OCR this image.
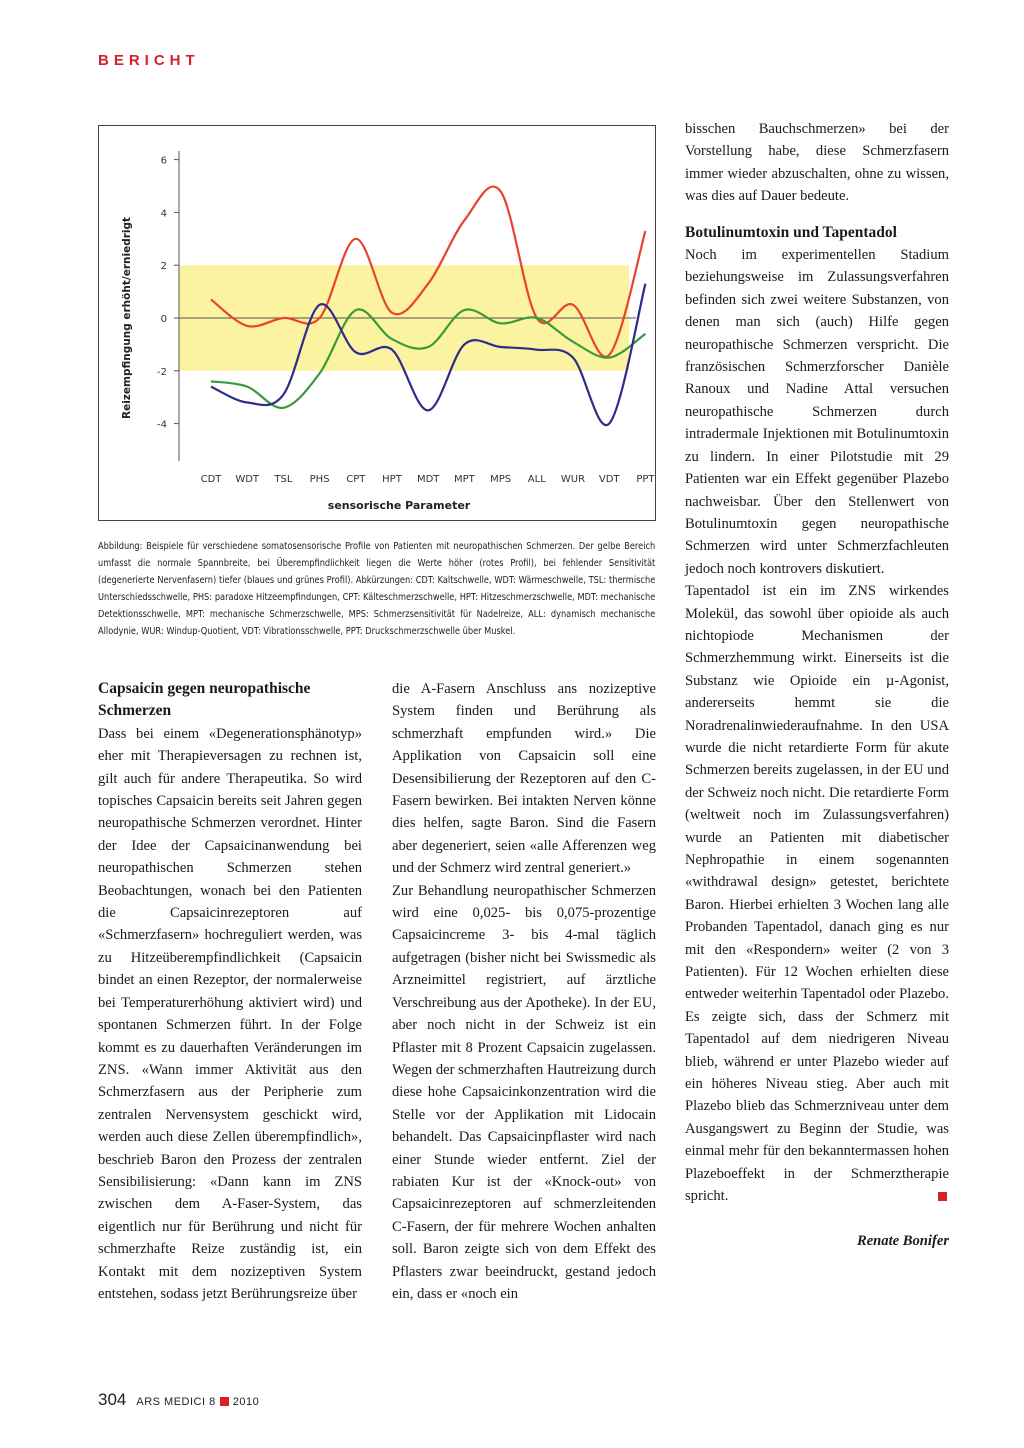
BERICHT
6
4
2
0
-2
-4
Reizempfingung erhöht/erniedrigt
CDT WDT TSL PHS CPT HPT MDT MPT MPS ALL WUR VDT PPT
sensorische Parameter
Abbildung: Beispiele für verschiedene somatosensorische Profile von Patienten mit neuropathischen Schmerzen. Der gelbe Bereich umfasst die normale Spannbreite, bei Überempfindlichkeit liegen die Werte höher (rotes Profil), bei fehlender Sensitivität (degenerierte Nervenfasern) tiefer (blaues und grünes Profil). Abkürzungen: CDT: Kaltschwelle, WDT: Wärmeschwelle, TSL: thermische Unterschiedsschwelle, PHS: paradoxe Hitzeempfindungen, CPT: Kälteschmerzschwelle, HPT: Hitzeschmerzschwelle, MDT: mechanische Detektionsschwelle, MPT: mechanische Schmerzschwelle, MPS: Schmerzsensitivität für Nadelreize, ALL: dynamisch mechanische Allodynie, WUR: Windup-Quotient, VDT: Vibrationsschwelle, PPT: Druckschmerzschwelle über Muskel.
Capsaicin gegen neuropathische Schmerzen

Dass bei einem «Degenerationsphänotyp» eher mit Therapieversagen zu rechnen ist, gilt auch für andere Therapeutika. So wird topisches Capsaicin bereits seit Jahren gegen neuropathische Schmerzen verordnet. Hinter der Idee der Capsaicinanwendung bei neuropathischen Schmerzen stehen Beobachtungen, wonach bei den Patienten die Capsaicinrezeptoren auf «Schmerzfasern» hochreguliert werden, was zu Hitzeüberempfindlichkeit (Capsaicin bindet an einen Rezeptor, der normalerweise bei Temperaturerhöhung aktiviert wird) und spontanen Schmerzen führt. In der Folge kommt es zu dauerhaften Veränderungen im ZNS. «Wann immer Aktivität aus den Schmerzfasern aus der Peripherie zum zentralen Nervensystem geschickt wird, werden auch diese Zellen überempfindlich», beschrieb Baron den Prozess der zentralen Sensibilisierung: «Dann kann im ZNS zwischen dem A-Faser-System, das eigentlich nur für Berührung und nicht für schmerzhafte Reize zuständig ist, ein Kontakt mit dem nozizeptiven System entstehen, sodass jetzt Berührungsreize über

die A-Fasern Anschluss ans nozizeptive System finden und Berührung als schmerzhaft empfunden wird.» Die Applikation von Capsaicin soll eine Desensibilierung der Rezeptoren auf den C-Fasern bewirken. Bei intakten Nerven könne dies helfen, sagte Baron. Sind die Fasern aber degeneriert, seien «alle Afferenzen weg und der Schmerz wird zentral generiert.»

Zur Behandlung neuropathischer Schmerzen wird eine 0,025- bis 0,075-prozentige Capsaicincreme 3- bis 4-mal täglich aufgetragen (bisher nicht bei Swissmedic als Arzneimittel registriert, auf ärztliche Verschreibung aus der Apotheke). In der EU, aber noch nicht in der Schweiz ist ein Pflaster mit 8 Prozent Capsaicin zugelassen. Wegen der schmerzhaften Hautreizung durch diese hohe Capsaicinkonzentration wird die Stelle vor der Applikation mit Lidocain behandelt. Das Capsaicinpflaster wird nach einer Stunde wieder entfernt. Ziel der rabiaten Kur ist der «Knock-out» von Capsaicinrezeptoren auf schmerzleitenden C-Fasern, der für mehrere Wochen anhalten soll. Baron zeigte sich von dem Effekt des Pflasters zwar beeindruckt, gestand jedoch ein, dass er «noch ein

bisschen Bauchschmerzen» bei der Vorstellung habe, diese Schmerzfasern immer wieder abzuschalten, ohne zu wissen, was dies auf Dauer bedeute.

Botulinumtoxin und Tapentadol

Noch im experimentellen Stadium beziehungsweise im Zulassungsverfahren befinden sich zwei weitere Substanzen, von denen man sich (auch) Hilfe gegen neuropathische Schmerzen verspricht. Die französischen Schmerzforscher Danièle Ranoux und Nadine Attal versuchen neuropathische Schmerzen durch intradermale Injektionen mit Botulinumtoxin zu lindern. In einer Pilotstudie mit 29 Patienten war ein Effekt gegenüber Plazebo nachweisbar. Über den Stellenwert von Botulinumtoxin gegen neuropathische Schmerzen wird unter Schmerzfachleuten jedoch noch kontrovers diskutiert.

Tapentadol ist ein im ZNS wirkendes Molekül, das sowohl über opioide als auch nichtopiode Mechanismen der Schmerzhemmung wirkt. Einerseits ist die Substanz wie Opioide ein µ-Agonist, andererseits hemmt sie die Noradrenalinwiederaufnahme. In den USA wurde die nicht retardierte Form für akute Schmerzen bereits zugelassen, in der EU und der Schweiz noch nicht. Die retardierte Form (weltweit noch im Zulassungsverfahren) wurde an Patienten mit diabetischer Nephropathie in einem sogenannten «withdrawal design» getestet, berichtete Baron. Hierbei erhielten 3 Wochen lang alle Probanden Tapentadol, danach ging es nur mit den «Respondern» weiter (2 von 3 Patienten). Für 12 Wochen erhielten diese entweder weiterhin Tapentadol oder Plazebo. Es zeigte sich, dass der Schmerz mit Tapentadol auf dem niedrigeren Niveau blieb, während er unter Plazebo wieder auf ein höheres Niveau stieg. Aber auch mit Plazebo blieb das Schmerzniveau unter dem Ausgangswert zu Beginn der Studie, was einmal mehr für den bekanntermassen hohen Plazeboeffekt in der Schmerztherapie spricht.

Renate Bonifer

304 ARS MEDICI 8 2010
